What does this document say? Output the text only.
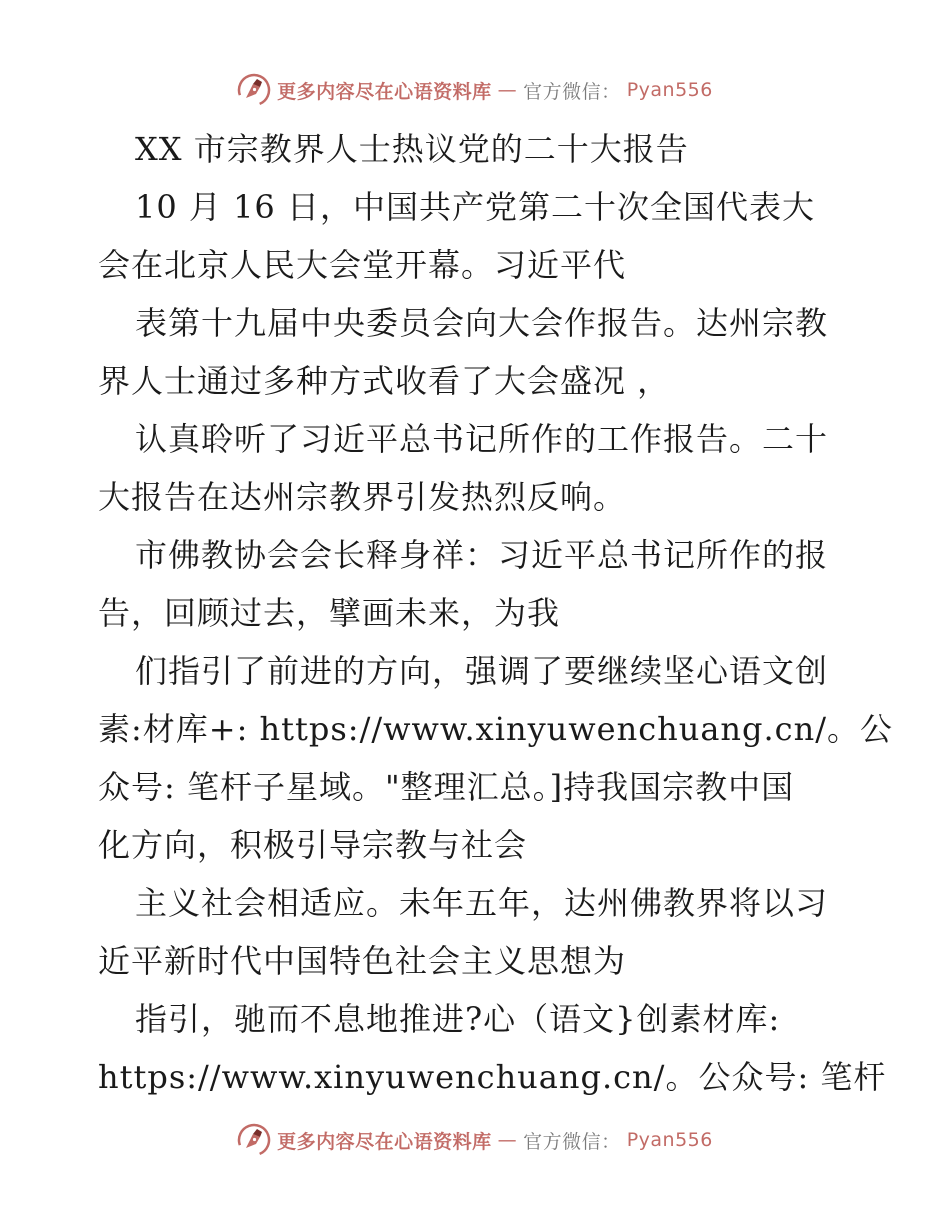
更多内容尽在心语资料库 — 官方微信： Pyan556
XX 市宗教界人士热议党的二十大报告
10 月 16 日，中国共产党第二十次全国代表大
会在北京人民大会堂开幕。习近平代
表第十九届中央委员会向大会作报告。达州宗教
界人士通过多种方式收看了大会盛况 ，
认真聆听了习近平总书记所作的工作报告。二十
大报告在达州宗教界引发热烈反响。
市佛教协会会长释身祥：习近平总书记所作的报
告，回顾过去，擘画未来，为我
们指引了前进的方向，强调了要继续坚心语文创
素:材库+: https://www.xinyuwenchuang.cn/。公
众号: 笔杆子星域。"整理汇总。]持我国宗教中国
化方向，积极引导宗教与社会
主义社会相适应。未年五年，达州佛教界将以习
近平新时代中国特色社会主义思想为
指引，驰而不息地推进?心（语文}创素材库:
https://www.xinyuwenchuang.cn/。公众号: 笔杆
更多内容尽在心语资料库 — 官方微信： Pyan556
